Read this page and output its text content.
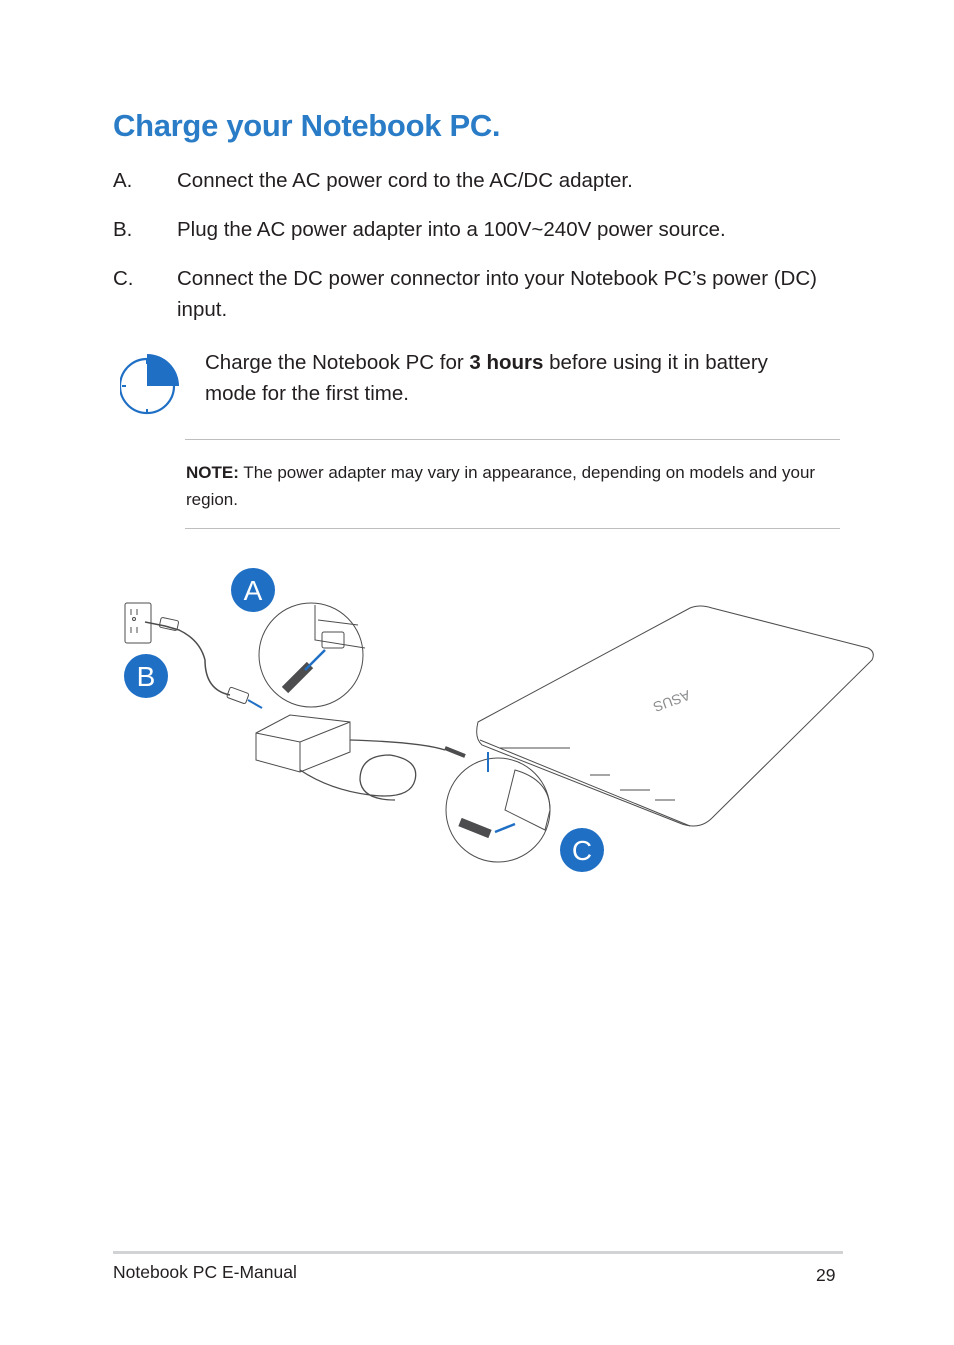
Charge your Notebook PC.
A.	Connect the AC power cord to the AC/DC adapter.
B.	Plug the AC power adapter into a 100V~240V power source.
C.	Connect the DC power connector into your Notebook PC’s power (DC) input.
Charge the Notebook PC for 3 hours before using it in battery mode for the first time.
NOTE: The power adapter may vary in appearance, depending on models and your region.
ASUS
A
B
C
Notebook PC E-Manual	29
